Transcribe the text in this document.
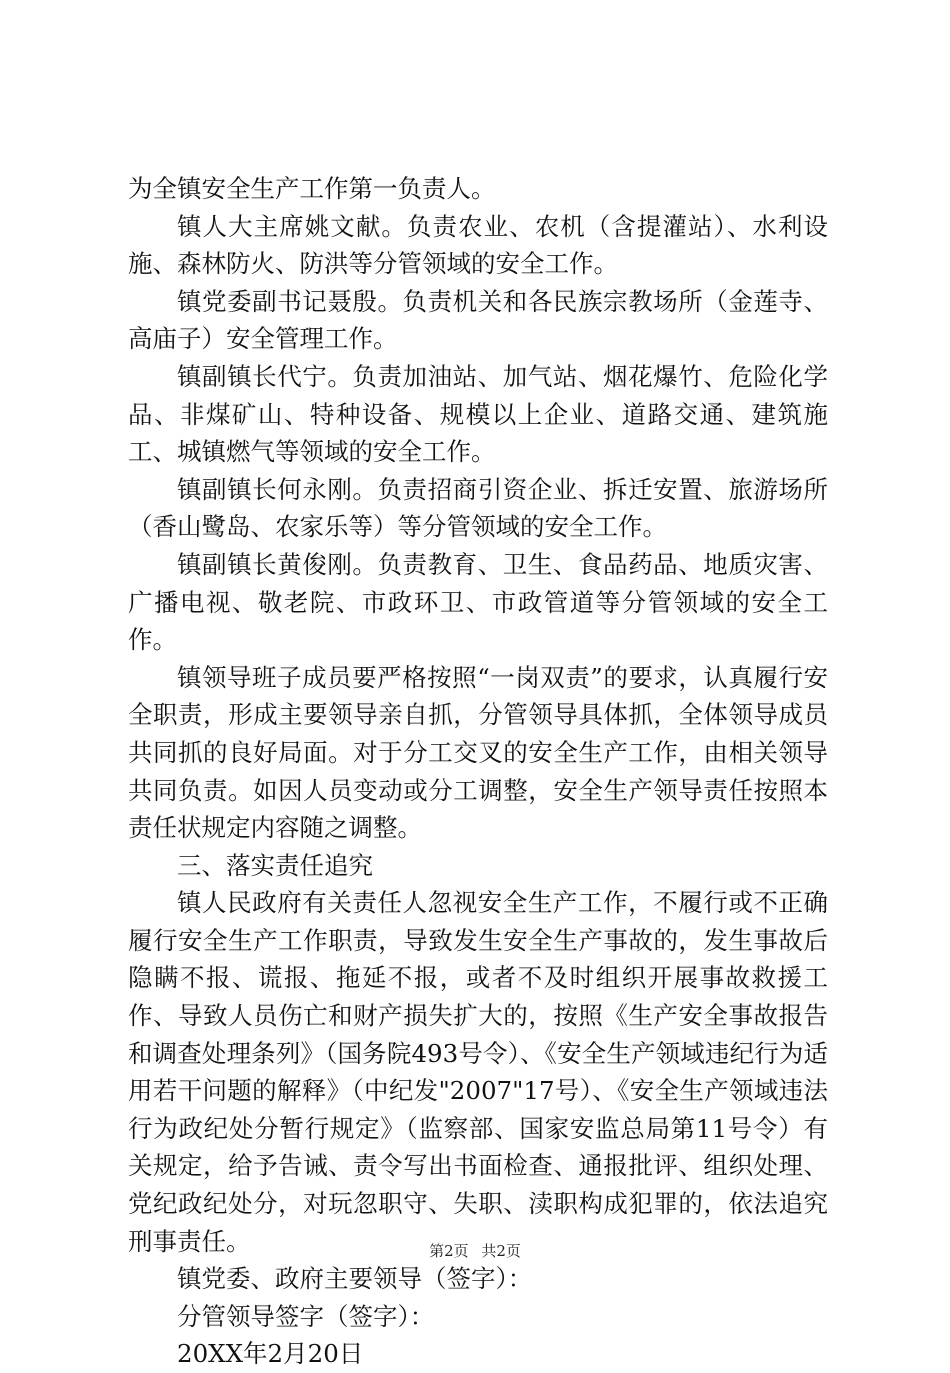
为全镇安全生产工作第一负责人。

镇人大主席姚文献。负责农业、农机（含提灌站）、水利设施、森林防火、防洪等分管领域的安全工作。

镇党委副书记聂殷。负责机关和各民族宗教场所（金莲寺、高庙子）安全管理工作。

镇副镇长代宁。负责加油站、加气站、烟花爆竹、危险化学品、非煤矿山、特种设备、规模以上企业、道路交通、建筑施工、城镇燃气等领域的安全工作。

镇副镇长何永刚。负责招商引资企业、拆迁安置、旅游场所（香山鹭岛、农家乐等）等分管领域的安全工作。

镇副镇长黄俊刚。负责教育、卫生、食品药品、地质灾害、广播电视、敬老院、市政环卫、市政管道等分管领域的安全工作。

镇领导班子成员要严格按照“一岗双责”的要求，认真履行安全职责，形成主要领导亲自抓，分管领导具体抓，全体领导成员共同抓的良好局面。对于分工交叉的安全生产工作，由相关领导共同负责。如因人员变动或分工调整，安全生产领导责任按照本责任状规定内容随之调整。

三、落实责任追究

镇人民政府有关责任人忽视安全生产工作，不履行或不正确履行安全生产工作职责，导致发生安全生产事故的，发生事故后隐瞒不报、谎报、拖延不报，或者不及时组织开展事故救援工作、导致人员伤亡和财产损失扩大的，按照《生产安全事故报告和调查处理条列》（国务院493号令）、《安全生产领域违纪行为适用若干问题的解释》（中纪发"2007"17号）、《安全生产领域违法行为政纪处分暂行规定》（监察部、国家安监总局第11号令）有关规定，给予告诫、责令写出书面检查、通报批评、组织处理、党纪政纪处分，对玩忽职守、失职、渎职构成犯罪的，依法追究刑事责任。

镇党委、政府主要领导（签字）：

分管领导签字（签字）：

20XX年2月20日

第2页 共2页
